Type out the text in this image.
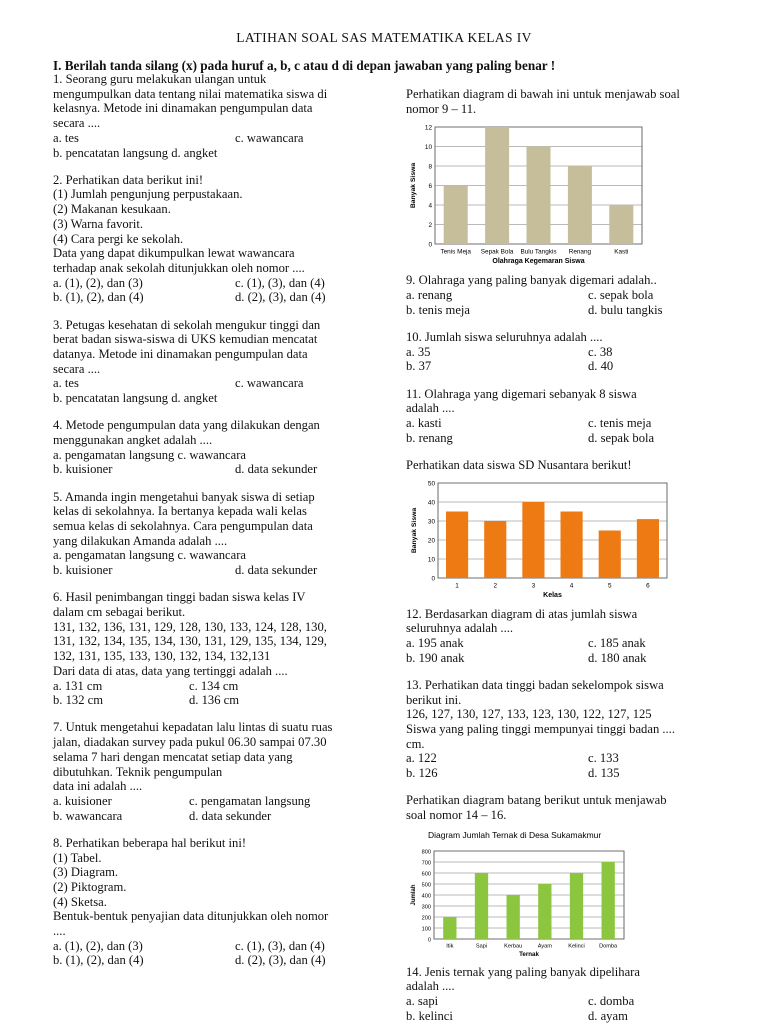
LATIHAN SOAL SAS MATEMATIKA KELAS IV
I. Berilah tanda silang (x) pada huruf a, b, c atau d di depan jawaban yang paling benar !
1. Seorang guru melakukan ulangan untuk
mengumpulkan data tentang nilai matematika siswa di
kelasnya. Metode ini dinamakan pengumpulan data
secara ....
a. tes	c. wawancara
b. pencatatan langsung d. angket
2. Perhatikan data berikut ini!
(1) Jumlah pengunjung perpustakaan.
(2) Makanan kesukaan.
(3) Warna favorit.
(4) Cara pergi ke sekolah.
Data yang dapat dikumpulkan lewat wawancara
terhadap anak sekolah ditunjukkan oleh nomor ....
a. (1), (2), dan (3)	c. (1), (3), dan (4)
b. (1), (2), dan (4)	d. (2), (3), dan (4)
3. Petugas kesehatan di sekolah mengukur tinggi dan
berat badan siswa-siswa di UKS kemudian mencatat
datanya. Metode ini dinamakan pengumpulan data
secara ....
a. tes	c. wawancara
b. pencatatan langsung d. angket
4. Metode pengumpulan data yang dilakukan dengan
menggunakan angket adalah ....
a. pengamatan langsung c. wawancara
b. kuisioner	d. data sekunder
5. Amanda ingin mengetahui banyak siswa di setiap
kelas di sekolahnya. Ia bertanya kepada wali kelas
semua kelas di sekolahnya. Cara pengumpulan data
yang dilakukan Amanda adalah ....
a. pengamatan langsung c. wawancara
b. kuisioner	d. data sekunder
6. Hasil penimbangan tinggi badan siswa kelas IV
dalam cm sebagai berikut.
131, 132, 136, 131, 129, 128, 130, 133, 124, 128, 130,
131, 132, 134, 135, 134, 130, 131, 129, 135, 134, 129,
132, 131, 135, 133, 130, 132, 134, 132,131
Dari data di atas, data yang tertinggi adalah ....
a. 131 cm	c. 134 cm
b. 132 cm	d. 136 cm
7. Untuk mengetahui kepadatan lalu lintas di suatu ruas
jalan, diadakan survey pada pukul 06.30 sampai 07.30
selama 7 hari dengan mencatat setiap data yang
dibutuhkan. Teknik pengumpulan
data ini adalah ....
a. kuisioner	c. pengamatan langsung
b. wawancara	d. data sekunder
8. Perhatikan beberapa hal berikut ini!
(1) Tabel.
(3) Diagram.
(2) Piktogram.
(4) Sketsa.
Bentuk-bentuk penyajian data ditunjukkan oleh nomor
....
a. (1), (2), dan (3)	c. (1), (3), dan (4)
b. (1), (2), dan (4)	d. (2), (3), dan (4)
Perhatikan diagram di bawah ini untuk menjawab soal
nomor 9 – 11.
0
2
4
6
8
10
12
Tenis Meja Sepak Bola Bulu Tangkis Renang	Kasti
Olahraga Kegemaran Siswa
Banyak Siswa
9. Olahraga yang paling banyak digemari adalah..
a. renang	c. sepak bola
b. tenis meja	d. bulu tangkis
10. Jumlah siswa seluruhnya adalah ....
a. 35	c. 38
b. 37	d. 40
11. Olahraga yang digemari sebanyak 8 siswa
adalah ....
a. kasti	c. tenis meja
b. renang	d. sepak bola
Perhatikan data siswa SD Nusantara berikut!
0
10
20
30
40
50
1	2	3	4	5	6
Kelas
Banyak Siswa
12. Berdasarkan diagram di atas jumlah siswa
seluruhnya adalah ....
a. 195 anak	c. 185 anak
b. 190 anak	d. 180 anak
13. Perhatikan data tinggi badan sekelompok siswa
berikut ini.
126, 127, 130, 127, 133, 123, 130, 122, 127, 125
Siswa yang paling tinggi mempunyai tinggi badan ....
cm.
a. 122	c. 133
b. 126	d. 135
Perhatikan diagram batang berikut untuk menjawab
soal nomor 14 – 16.
Diagram Jumlah Ternak di Desa Sukamakmur
0
100
200
300
400
500
600
700
800
Itik	Sapi	Kerbau	Ayam	Kelinci	Domba
Ternak
Jumlah
14. Jenis ternak yang paling banyak dipelihara
adalah ....
a. sapi	c. domba
b. kelinci	d. ayam
